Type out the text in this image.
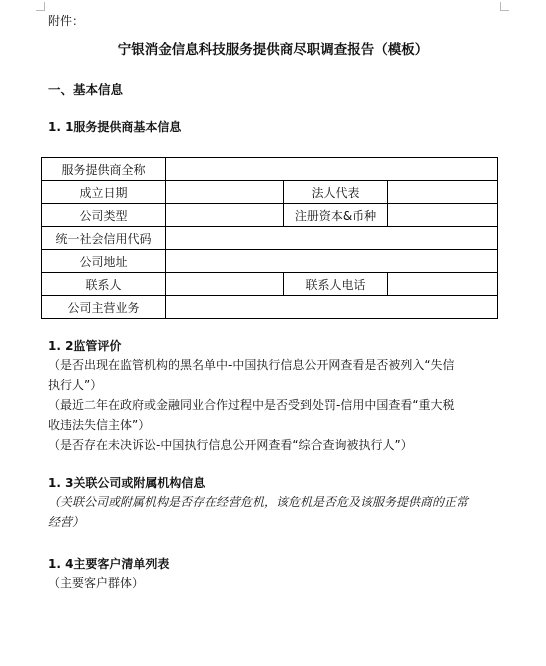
附件：
宁银消金信息科技服务提供商尽职调查报告（模板）
一、基本信息
1. 1服务提供商基本信息
服务提供商全称			
成立日期		法人代表	
公司类型		注册资本&币种	
统一社会信用代码			
公司地址			
联系人		联系人电话	
公司主营业务			
1. 2监管评价
（是否出现在监管机构的黑名单中-中国执行信息公开网查看是否被列入“失信
执行人”）
（最近二年在政府或金融同业合作过程中是否受到处罚-信用中国查看“重大税
收违法失信主体”）
（是否存在未决诉讼-中国执行信息公开网查看“综合查询被执行人”）
1. 3关联公司或附属机构信息
（关联公司或附属机构是否存在经营危机，该危机是否危及该服务提供商的正常
经营）
1. 4主要客户清单列表
（主要客户群体）
